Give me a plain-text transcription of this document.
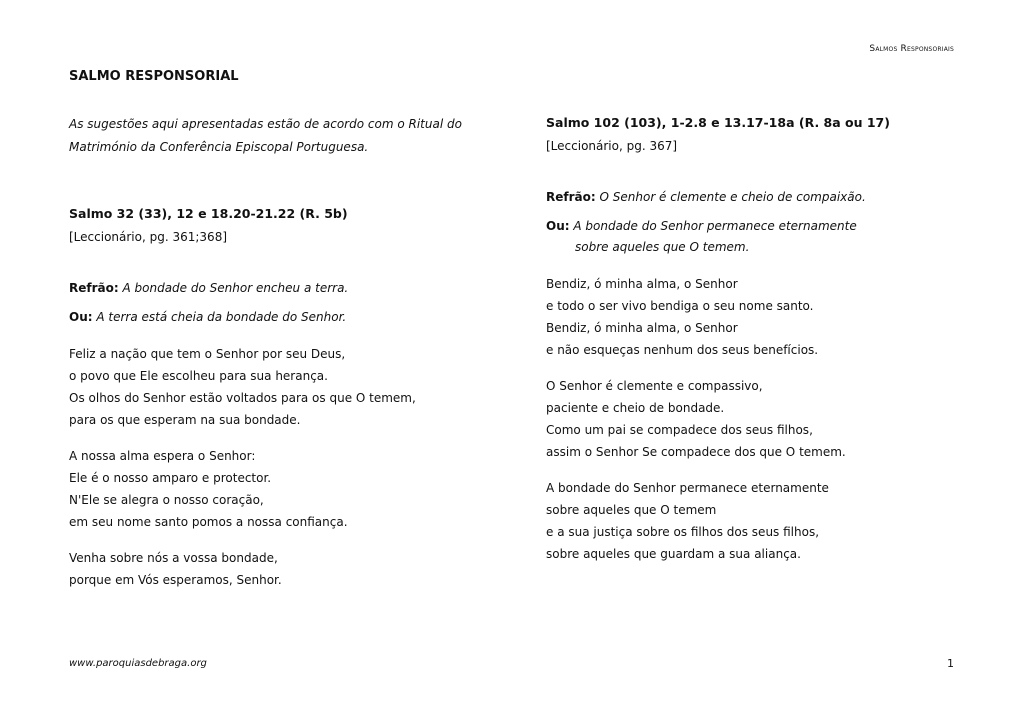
Salmos Responsoriais
SALMO RESPONSORIAL
As sugestões aqui apresentadas estão de acordo com o Ritual do
Matrimónio da Conferência Episcopal Portuguesa.
Salmo 32 (33), 12 e 18.20-21.22 (R. 5b)
[Leccionário, pg. 361;368]
Refrão: A bondade do Senhor encheu a terra.
Ou: A terra está cheia da bondade do Senhor.
Feliz a nação que tem o Senhor por seu Deus,
o povo que Ele escolheu para sua herança.
Os olhos do Senhor estão voltados para os que O temem,
para os que esperam na sua bondade.
A nossa alma espera o Senhor:
Ele é o nosso amparo e protector.
N'Ele se alegra o nosso coração,
em seu nome santo pomos a nossa confiança.
Venha sobre nós a vossa bondade,
porque em Vós esperamos, Senhor.
Salmo 102 (103), 1-2.8 e 13.17-18a (R. 8a ou 17)
[Leccionário, pg. 367]
Refrão: O Senhor é clemente e cheio de compaixão.
Ou: A bondade do Senhor permanece eternamente
sobre aqueles que O temem.
Bendiz, ó minha alma, o Senhor
e todo o ser vivo bendiga o seu nome santo.
Bendiz, ó minha alma, o Senhor
e não esqueças nenhum dos seus benefícios.
O Senhor é clemente e compassivo,
paciente e cheio de bondade.
Como um pai se compadece dos seus filhos,
assim o Senhor Se compadece dos que O temem.
A bondade do Senhor permanece eternamente
sobre aqueles que O temem
e a sua justiça sobre os filhos dos seus filhos,
sobre aqueles que guardam a sua aliança.
www.paroquiasdebraga.org	1
